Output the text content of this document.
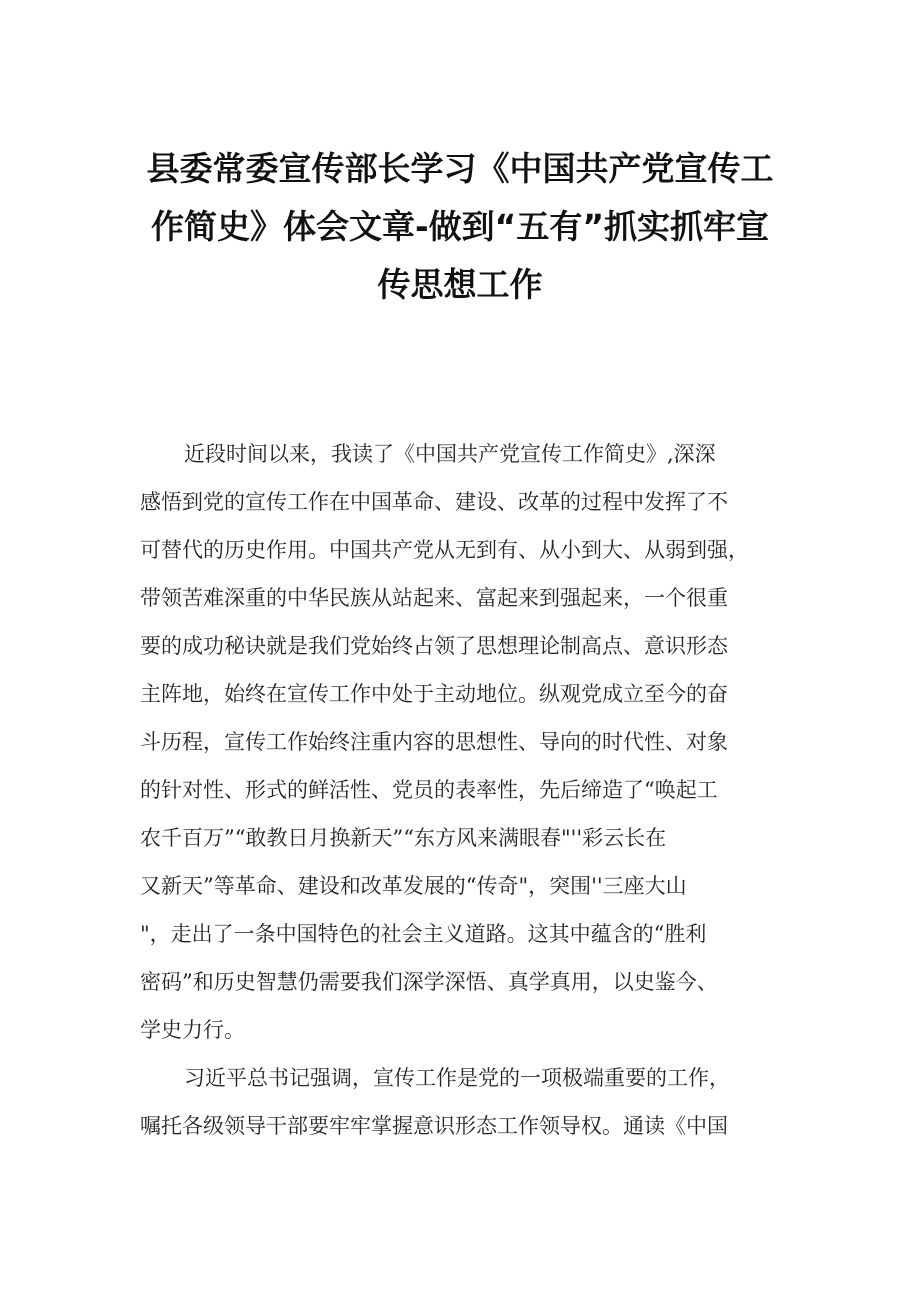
县委常委宣传部长学习《中国共产党宣传工
作简史》体会文章-做到“五有”抓实抓牢宣
传思想工作
近段时间以来，我读了《中国共产党宣传工作简史》,深深
感悟到党的宣传工作在中国革命、建设、改革的过程中发挥了不
可替代的历史作用。中国共产党从无到有、从小到大、从弱到强，
带领苦难深重的中华民族从站起来、富起来到强起来，一个很重
要的成功秘诀就是我们党始终占领了思想理论制高点、意识形态
主阵地，始终在宣传工作中处于主动地位。纵观党成立至今的奋
斗历程，宣传工作始终注重内容的思想性、导向的时代性、对象
的针对性、形式的鲜活性、党员的表率性，先后缔造了“唤起工
农千百万”“敢教日月换新天”“东方风来满眼春"''彩云长在
又新天”等革命、建设和改革发展的“传奇"，突围''三座大山
"，走出了一条中国特色的社会主义道路。这其中蕴含的“胜利
密码”和历史智慧仍需要我们深学深悟、真学真用，以史鉴今、
学史力行。
习近平总书记强调，宣传工作是党的一项极端重要的工作，
嘱托各级领导干部要牢牢掌握意识形态工作领导权。通读《中国
